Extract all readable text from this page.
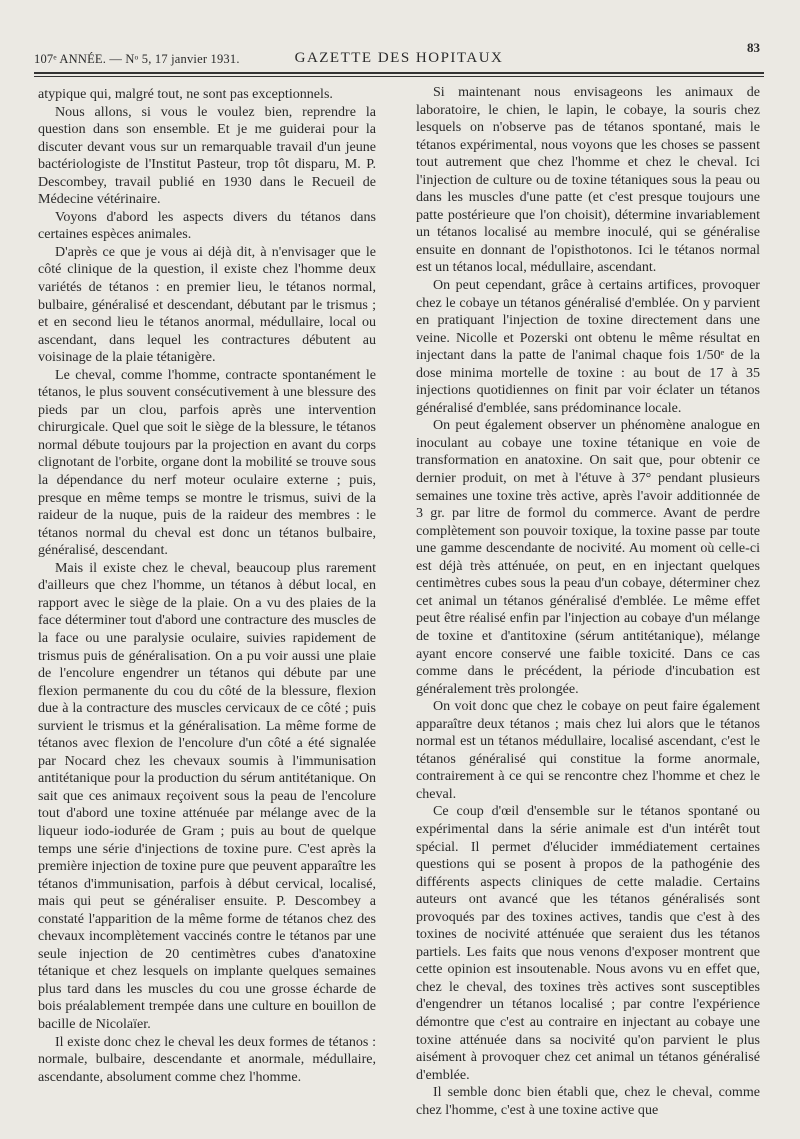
107ᵉ ANNÉE. — Nᵒ 5, 17 janvier 1931.	GAZETTE DES HOPITAUX
83

atypique qui, malgré tout, ne sont pas exceptionnels.

Nous allons, si vous le voulez bien, reprendre la question dans son ensemble. Et je me guiderai pour la discuter devant vous sur un remarquable travail d'un jeune bactériologiste de l'Institut Pasteur, trop tôt disparu, M. P. Descombey, travail publié en 1930 dans le Recueil de Médecine vétérinaire.

Voyons d'abord les aspects divers du tétanos dans certaines espèces animales.

D'après ce que je vous ai déjà dit, à n'envisager que le côté clinique de la question, il existe chez l'homme deux variétés de tétanos : en premier lieu, le tétanos normal, bulbaire, généralisé et descendant, débutant par le trismus ; et en second lieu le tétanos anormal, médullaire, local ou ascendant, dans lequel les contractures débutent au voisinage de la plaie tétanigère.

Le cheval, comme l'homme, contracte spontanément le tétanos, le plus souvent consécutivement à une blessure des pieds par un clou, parfois après une intervention chirurgicale. Quel que soit le siège de la blessure, le tétanos normal débute toujours par la projection en avant du corps clignotant de l'orbite, organe dont la mobilité se trouve sous la dépendance du nerf moteur oculaire externe ; puis, presque en même temps se montre le trismus, suivi de la raideur de la nuque, puis de la raideur des membres : le tétanos normal du cheval est donc un tétanos bulbaire, généralisé, descendant.

Mais il existe chez le cheval, beaucoup plus rarement d'ailleurs que chez l'homme, un tétanos à début local, en rapport avec le siège de la plaie. On a vu des plaies de la face déterminer tout d'abord une contracture des muscles de la face ou une paralysie oculaire, suivies rapidement de trismus puis de généralisation. On a pu voir aussi une plaie de l'encolure engendrer un tétanos qui débute par une flexion permanente du cou du côté de la blessure, flexion due à la contracture des muscles cervicaux de ce côté ; puis survient le trismus et la généralisation. La même forme de tétanos avec flexion de l'encolure d'un côté a été signalée par Nocard chez les chevaux soumis à l'immunisation antitétanique pour la production du sérum antitétanique. On sait que ces animaux reçoivent sous la peau de l'encolure tout d'abord une toxine atténuée par mélange avec de la liqueur iodo-iodurée de Gram ; puis au bout de quelque temps une série d'injections de toxine pure. C'est après la première injection de toxine pure que peuvent apparaître les tétanos d'immunisation, parfois à début cervical, localisé, mais qui peut se généraliser ensuite. P. Descombey a constaté l'apparition de la même forme de tétanos chez des chevaux incomplètement vaccinés contre le tétanos par une seule injection de 20 centimètres cubes d'anatoxine tétanique et chez lesquels on implante quelques semaines plus tard dans les muscles du cou une grosse écharde de bois préalablement trempée dans une culture en bouillon de bacille de Nicolaïer.

Il existe donc chez le cheval les deux formes de tétanos : normale, bulbaire, descendante et anormale, médullaire, ascendante, absolument comme chez l'homme.

Si maintenant nous envisageons les animaux de laboratoire, le chien, le lapin, le cobaye, la souris chez lesquels on n'observe pas de tétanos spontané, mais le tétanos expérimental, nous voyons que les choses se passent tout autrement que chez l'homme et chez le cheval. Ici l'injection de culture ou de toxine tétaniques sous la peau ou dans les muscles d'une patte (et c'est presque toujours une patte postérieure que l'on choisit), détermine invariablement un tétanos localisé au membre inoculé, qui se généralise ensuite en donnant de l'opisthotonos. Ici le tétanos normal est un tétanos local, médullaire, ascendant.

On peut cependant, grâce à certains artifices, provoquer chez le cobaye un tétanos généralisé d'emblée. On y parvient en pratiquant l'injection de toxine directement dans une veine. Nicolle et Pozerski ont obtenu le même résultat en injectant dans la patte de l'animal chaque fois 1/50ᵉ de la dose minima mortelle de toxine : au bout de 17 à 35 injections quotidiennes on finit par voir éclater un tétanos généralisé d'emblée, sans prédominance locale.

On peut également observer un phénomène analogue en inoculant au cobaye une toxine tétanique en voie de transformation en anatoxine. On sait que, pour obtenir ce dernier produit, on met à l'étuve à 37° pendant plusieurs semaines une toxine très active, après l'avoir additionnée de 3 gr. par litre de formol du commerce. Avant de perdre complètement son pouvoir toxique, la toxine passe par toute une gamme descendante de nocivité. Au moment où celle-ci est déjà très atténuée, on peut, en en injectant quelques centimètres cubes sous la peau d'un cobaye, déterminer chez cet animal un tétanos généralisé d'emblée. Le même effet peut être réalisé enfin par l'injection au cobaye d'un mélange de toxine et d'antitoxine (sérum antitétanique), mélange ayant encore conservé une faible toxicité. Dans ce cas comme dans le précédent, la période d'incubation est généralement très prolongée.

On voit donc que chez le cobaye on peut faire également apparaître deux tétanos ; mais chez lui alors que le tétanos normal est un tétanos médullaire, localisé ascendant, c'est le tétanos généralisé qui constitue la forme anormale, contrairement à ce qui se rencontre chez l'homme et chez le cheval.

Ce coup d'œil d'ensemble sur le tétanos spontané ou expérimental dans la série animale est d'un intérêt tout spécial. Il permet d'élucider immédiatement certaines questions qui se posent à propos de la pathogénie des différents aspects cliniques de cette maladie. Certains auteurs ont avancé que les tétanos généralisés sont provoqués par des toxines actives, tandis que c'est à des toxines de nocivité atténuée que seraient dus les tétanos partiels. Les faits que nous venons d'exposer montrent que cette opinion est insoutenable. Nous avons vu en effet que, chez le cheval, des toxines très actives sont susceptibles d'engendrer un tétanos localisé ; par contre l'expérience démontre que c'est au contraire en injectant au cobaye une toxine atténuée dans sa nocivité qu'on parvient le plus aisément à provoquer chez cet animal un tétanos généralisé d'emblée.

Il semble donc bien établi que, chez le cheval, comme chez l'homme, c'est à une toxine active que
